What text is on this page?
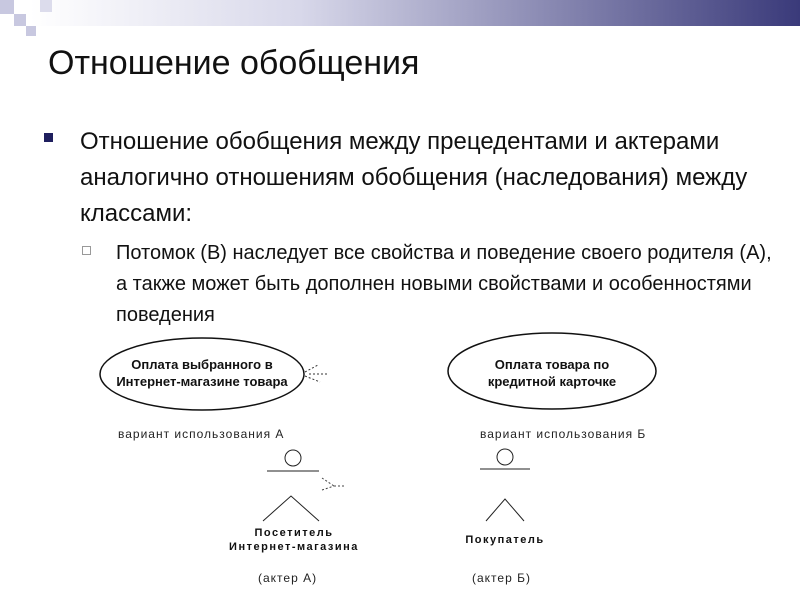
Отношение обобщения
Отношение обобщения между прецедентами и актерами аналогично отношениям обобщения (наследования) между классами:
Потомок (B) наследует все свойства и поведение своего родителя (A), а также может быть дополнен новыми свойствами и особенностями поведения
Оплата выбранного в
Интернет-магазине товара
вариант использования A
Оплата товара по
кредитной карточке
вариант использования Б
Посетитель
Интернет-магазина
(актер А)
Покупатель
(актер Б)
